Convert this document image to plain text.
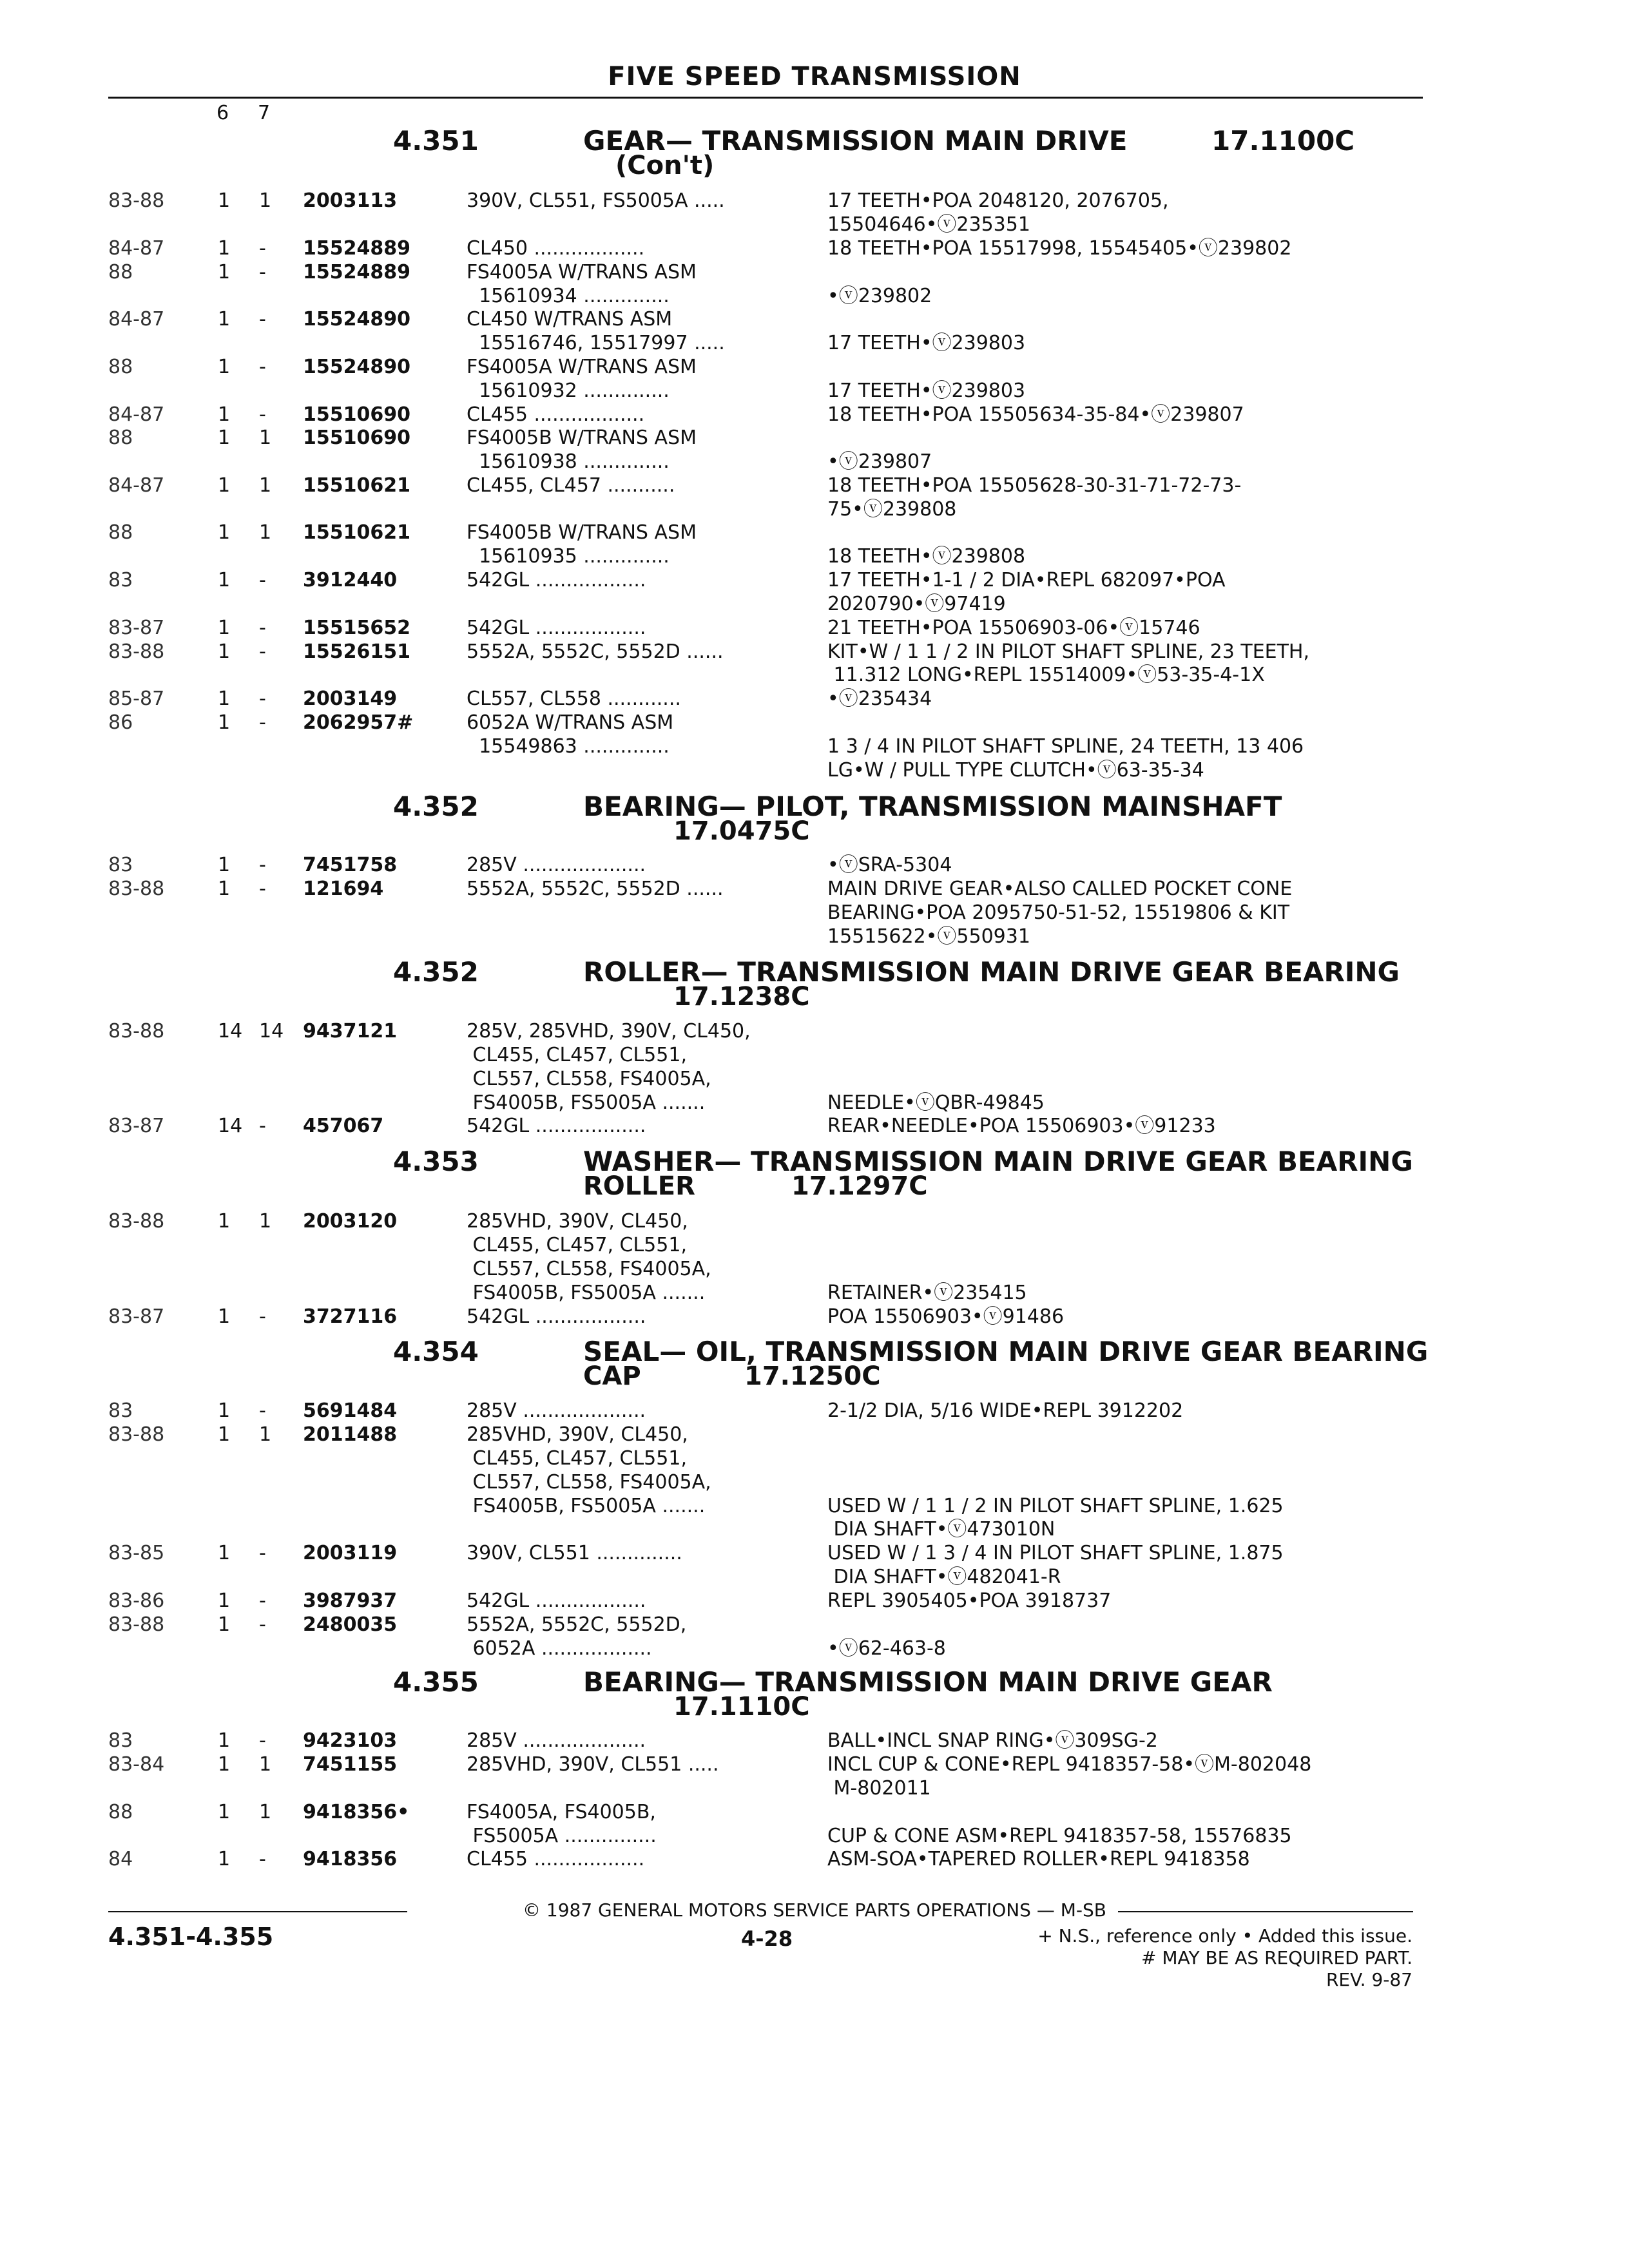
FIVE SPEED TRANSMISSION
6 7
4.351	GEAR— TRANSMISSION MAIN DRIVE	17.1100C
(Con't)
4.352	BEARING— PILOT, TRANSMISSION MAINSHAFT
17.0475C
4.352	ROLLER— TRANSMISSION MAIN DRIVE GEAR BEARING
17.1238C
4.353	WASHER— TRANSMISSION MAIN DRIVE GEAR BEARING
ROLLER	17.1297C
4.354	SEAL— OIL, TRANSMISSION MAIN DRIVE GEAR BEARING
CAP	17.1250C
4.355	BEARING— TRANSMISSION MAIN DRIVE GEAR
17.1110C
83-88	1 1 2003113	390V, CL551, FS5005A .....	17 TEETH•POA 2048120, 2076705,
15504646•ⓥ235351
84-87	1 - 15524889	CL450 ..................	18 TEETH•POA 15517998, 15545405•ⓥ239802
88	1 - 15524889	FS4005A W/TRANS ASM
15610934 ..............	•ⓥ239802
84-87	1 - 15524890	CL450 W/TRANS ASM
15516746, 15517997 .....	17 TEETH•ⓥ239803
88	1 - 15524890	FS4005A W/TRANS ASM
15610932 ..............	17 TEETH•ⓥ239803
84-87	1 - 15510690	CL455 ..................	18 TEETH•POA 15505634-35-84•ⓥ239807
88	1 1 15510690	FS4005B W/TRANS ASM
15610938 ..............	•ⓥ239807
84-87	1 1 15510621	CL455, CL457 ...........	18 TEETH•POA 15505628-30-31-71-72-73-
75•ⓥ239808
88	1 1 15510621	FS4005B W/TRANS ASM
15610935 ..............	18 TEETH•ⓥ239808
83	1 - 3912440	542GL ..................	17 TEETH•1-1 / 2 DIA•REPL 682097•POA
2020790•ⓥ97419
83-87	1 - 15515652	542GL ..................	21 TEETH•POA 15506903-06•ⓥ15746
83-88	1 - 15526151	5552A, 5552C, 5552D ......	KIT•W / 1 1 / 2 IN PILOT SHAFT SPLINE, 23 TEETH,
11.312 LONG•REPL 15514009•ⓥ53-35-4-1X
85-87	1 - 2003149	CL557, CL558 ............	•ⓥ235434
86	1 - 2062957#	6052A W/TRANS ASM
15549863 ..............	1 3 / 4 IN PILOT SHAFT SPLINE, 24 TEETH, 13 406
LG•W / PULL TYPE CLUTCH•ⓥ63-35-34
83	1 - 7451758	285V ....................	•ⓥSRA-5304
83-88	1 - 121694	5552A, 5552C, 5552D ......	MAIN DRIVE GEAR•ALSO CALLED POCKET CONE
BEARING•POA 2095750-51-52, 15519806 & KIT
15515622•ⓥ550931
83-88	14 14 9437121	285V, 285VHD, 390V, CL450,
CL455, CL457, CL551,
CL557, CL558, FS4005A,
FS4005B, FS5005A .......	NEEDLE•ⓥQBR-49845
83-87	14 - 457067	542GL ..................	REAR•NEEDLE•POA 15506903•ⓥ91233
83-88	1 1 2003120	285VHD, 390V, CL450,
CL455, CL457, CL551,
CL557, CL558, FS4005A,
FS4005B, FS5005A .......	RETAINER•ⓥ235415
83-87	1 - 3727116	542GL ..................	POA 15506903•ⓥ91486
83	1 - 5691484	285V ....................	2-1/2 DIA, 5/16 WIDE•REPL 3912202
83-88	1 1 2011488	285VHD, 390V, CL450,
CL455, CL457, CL551,
CL557, CL558, FS4005A,
FS4005B, FS5005A .......	USED W / 1 1 / 2 IN PILOT SHAFT SPLINE, 1.625
DIA SHAFT•ⓥ473010N
83-85	1 - 2003119	390V, CL551 ..............	USED W / 1 3 / 4 IN PILOT SHAFT SPLINE, 1.875
DIA SHAFT•ⓥ482041-R
83-86	1 - 3987937	542GL ..................	REPL 3905405•POA 3918737
83-88	1 - 2480035	5552A, 5552C, 5552D,
6052A ..................	•ⓥ62-463-8
83	1 - 9423103	285V ....................	BALL•INCL SNAP RING•ⓥ309SG-2
83-84	1 1 7451155	285VHD, 390V, CL551 .....	INCL CUP & CONE•REPL 9418357-58•ⓥM-802048
M-802011
88	1 1 9418356•	FS4005A, FS4005B,
FS5005A ...............	CUP & CONE ASM•REPL 9418357-58, 15576835
84	1 - 9418356	CL455 ..................	ASM-SOA•TAPERED ROLLER•REPL 9418358
© 1987 GENERAL MOTORS SERVICE PARTS OPERATIONS — M-SB
4.351-4.355	4-28	+ N.S., reference only • Added this issue.
# MAY BE AS REQUIRED PART.
REV. 9-87
